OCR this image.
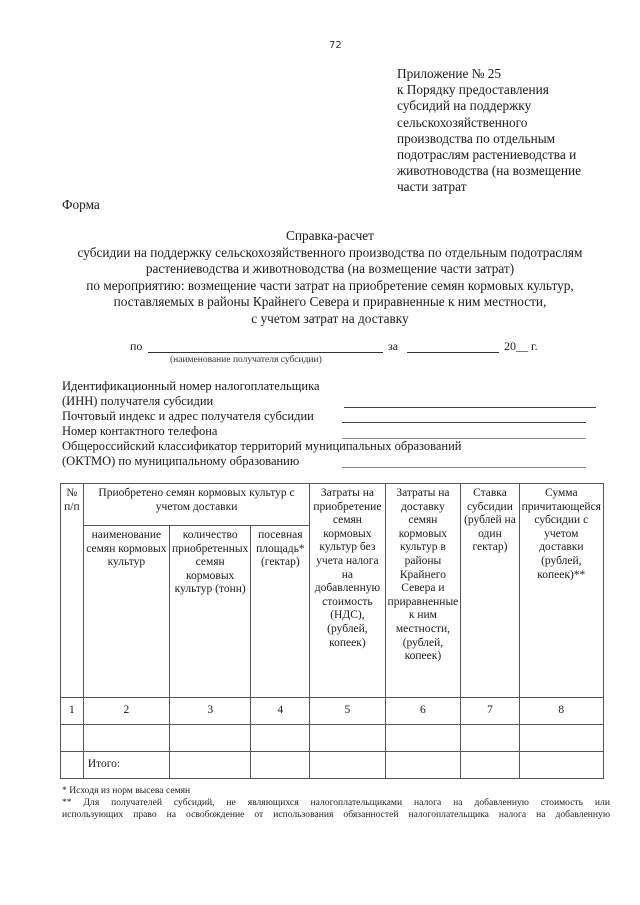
72
Приложение № 25
к Порядку предоставления
субсидий на поддержку
сельскохозяйственного
производства по отдельным
подотраслям растениеводства и
животноводства (на возмещение
части затрат
Форма
Справка-расчет
субсидии на поддержку сельскохозяйственного производства по отдельным подотраслям
растениеводства и животноводства (на возмещение части затрат)
по мероприятию: возмещение части затрат на приобретение семян кормовых культур,
поставляемых в районы Крайнего Севера и приравненные к ним местности,
с учетом затрат на доставку
по	за	20__ г.
(наименование получателя субсидии)
Идентификационный номер налогоплательщика
(ИНН) получателя субсидии
Почтовый индекс и адрес получателя субсидии
Номер контактного телефона
Общероссийский классификатор территорий муниципальных образований
(ОКТМО) по муниципальному образованию
№ п/п	Приобретено семян кормовых культур с учетом доставки			Затраты на приобретение семян кормовых культур без учета налога на добавленную стоимость (НДС), (рублей, копеек)	Затраты на доставку семян кормовых культур в районы Крайнего Севера и приравненные к ним местности, (рублей, копеек)	Ставка субсидии (рублей на один гектар)	Сумма причитающейся субсидии с учетом доставки (рублей, копеек)**
	наименование семян кормовых культур	количество приобретенных семян кормовых культур (тонн)	посевная площадь* (гектар)				
1	2	3	4	5	6	7	8

	Итого:						

* Исходя из норм высева семян

** Для получателей субсидий, не являющихся налогоплательщиками налога на добавленную стоимость или

использующих право на освобождение от использования обязанностей налогоплательщика налога на добавленную
